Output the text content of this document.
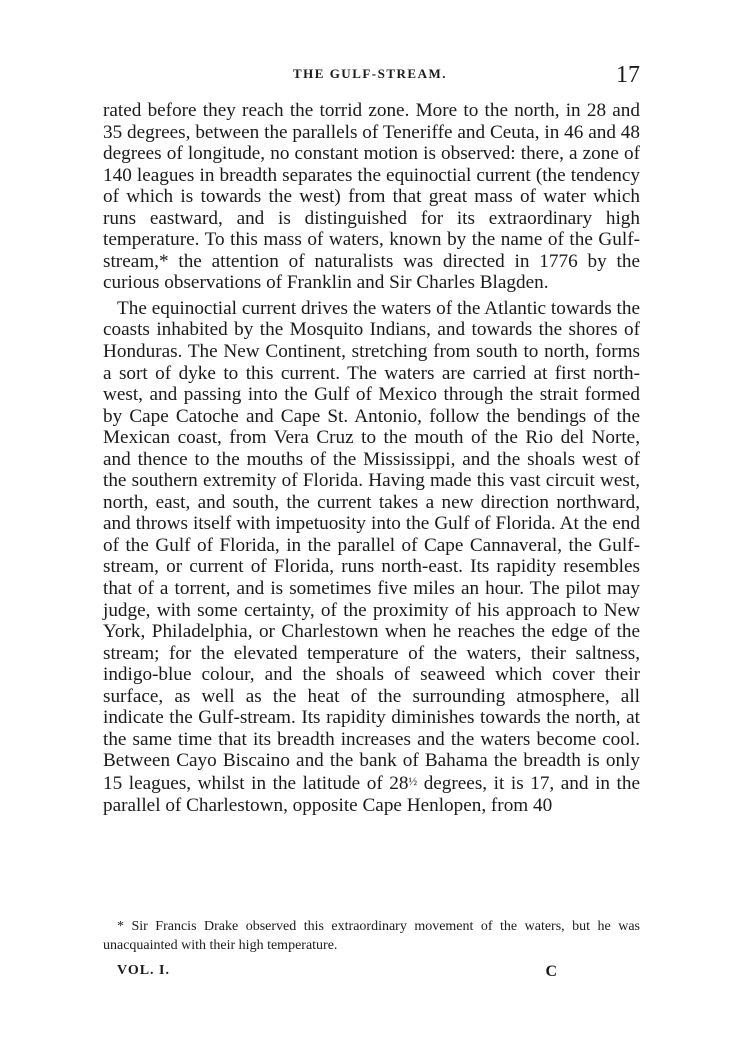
THE GULF-STREAM.	17

rated before they reach the torrid zone. More to the north, in 28 and 35 degrees, between the parallels of Teneriffe and Ceuta, in 46 and 48 degrees of longitude, no constant motion is observed: there, a zone of 140 leagues in breadth separates the equinoctial current (the tendency of which is towards the west) from that great mass of water which runs eastward, and is distinguished for its extraordinary high temperature. To this mass of waters, known by the name of the Gulf-stream,* the attention of naturalists was directed in 1776 by the curious observations of Franklin and Sir Charles Blagden.

The equinoctial current drives the waters of the Atlantic towards the coasts inhabited by the Mosquito Indians, and towards the shores of Honduras. The New Continent, stretching from south to north, forms a sort of dyke to this current. The waters are carried at first north-west, and passing into the Gulf of Mexico through the strait formed by Cape Catoche and Cape St. Antonio, follow the bendings of the Mexican coast, from Vera Cruz to the mouth of the Rio del Norte, and thence to the mouths of the Mississippi, and the shoals west of the southern extremity of Florida. Having made this vast circuit west, north, east, and south, the current takes a new direction northward, and throws itself with impetuosity into the Gulf of Florida. At the end of the Gulf of Florida, in the parallel of Cape Cannaveral, the Gulf-stream, or current of Florida, runs north-east. Its rapidity resembles that of a torrent, and is sometimes five miles an hour. The pilot may judge, with some certainty, of the proximity of his approach to New York, Philadelphia, or Charlestown when he reaches the edge of the stream; for the elevated temperature of the waters, their saltness, indigo-blue colour, and the shoals of seaweed which cover their surface, as well as the heat of the surrounding atmosphere, all indicate the Gulf-stream. Its rapidity diminishes towards the north, at the same time that its breadth increases and the waters become cool. Between Cayo Biscaino and the bank of Bahama the breadth is only 15 leagues, whilst in the latitude of $28^{\frac{1}{2}}$ degrees, it is 17, and in the parallel of Charlestown, opposite Cape Henlopen, from 40

* Sir Francis Drake observed this extraordinary movement of the waters, but he was unacquainted with their high temperature.
VOL. I.	C
